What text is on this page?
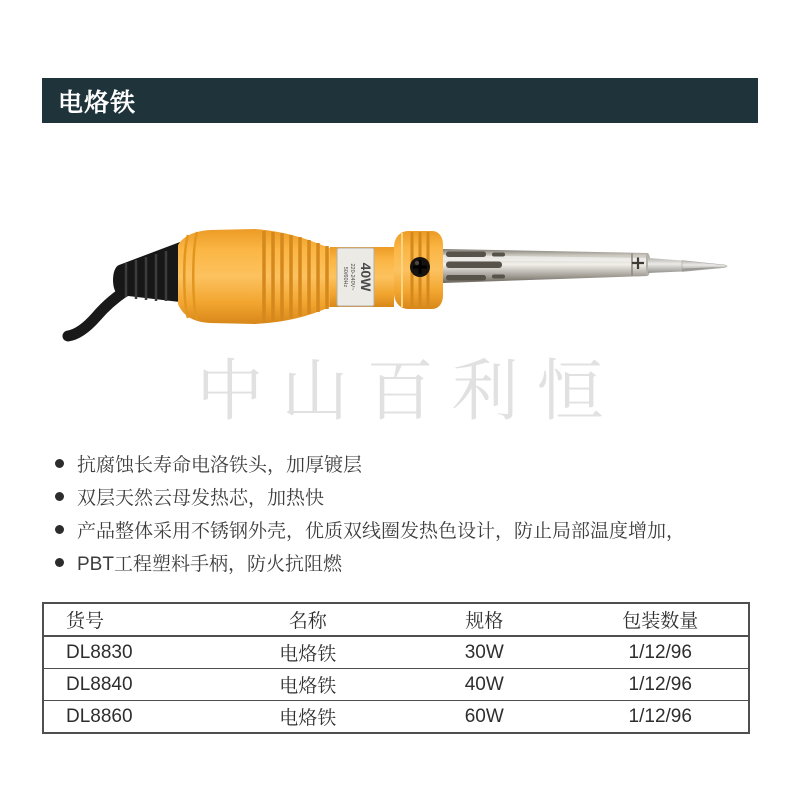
电烙铁
中山百利恒
40W
220-240V~
50/60Hz
抗腐蚀长寿命电洛铁头，加厚镀层
双层天然云母发热芯，加热快
产品整体采用不锈钢外壳，优质双线圈发热色设计，防止局部温度增加，
PBT工程塑料手柄，防火抗阻燃
货号	名称	规格	包装数量
DL8830	电烙铁	30W	1/12/96
DL8840	电烙铁	40W	1/12/96
DL8860	电烙铁	60W	1/12/96
